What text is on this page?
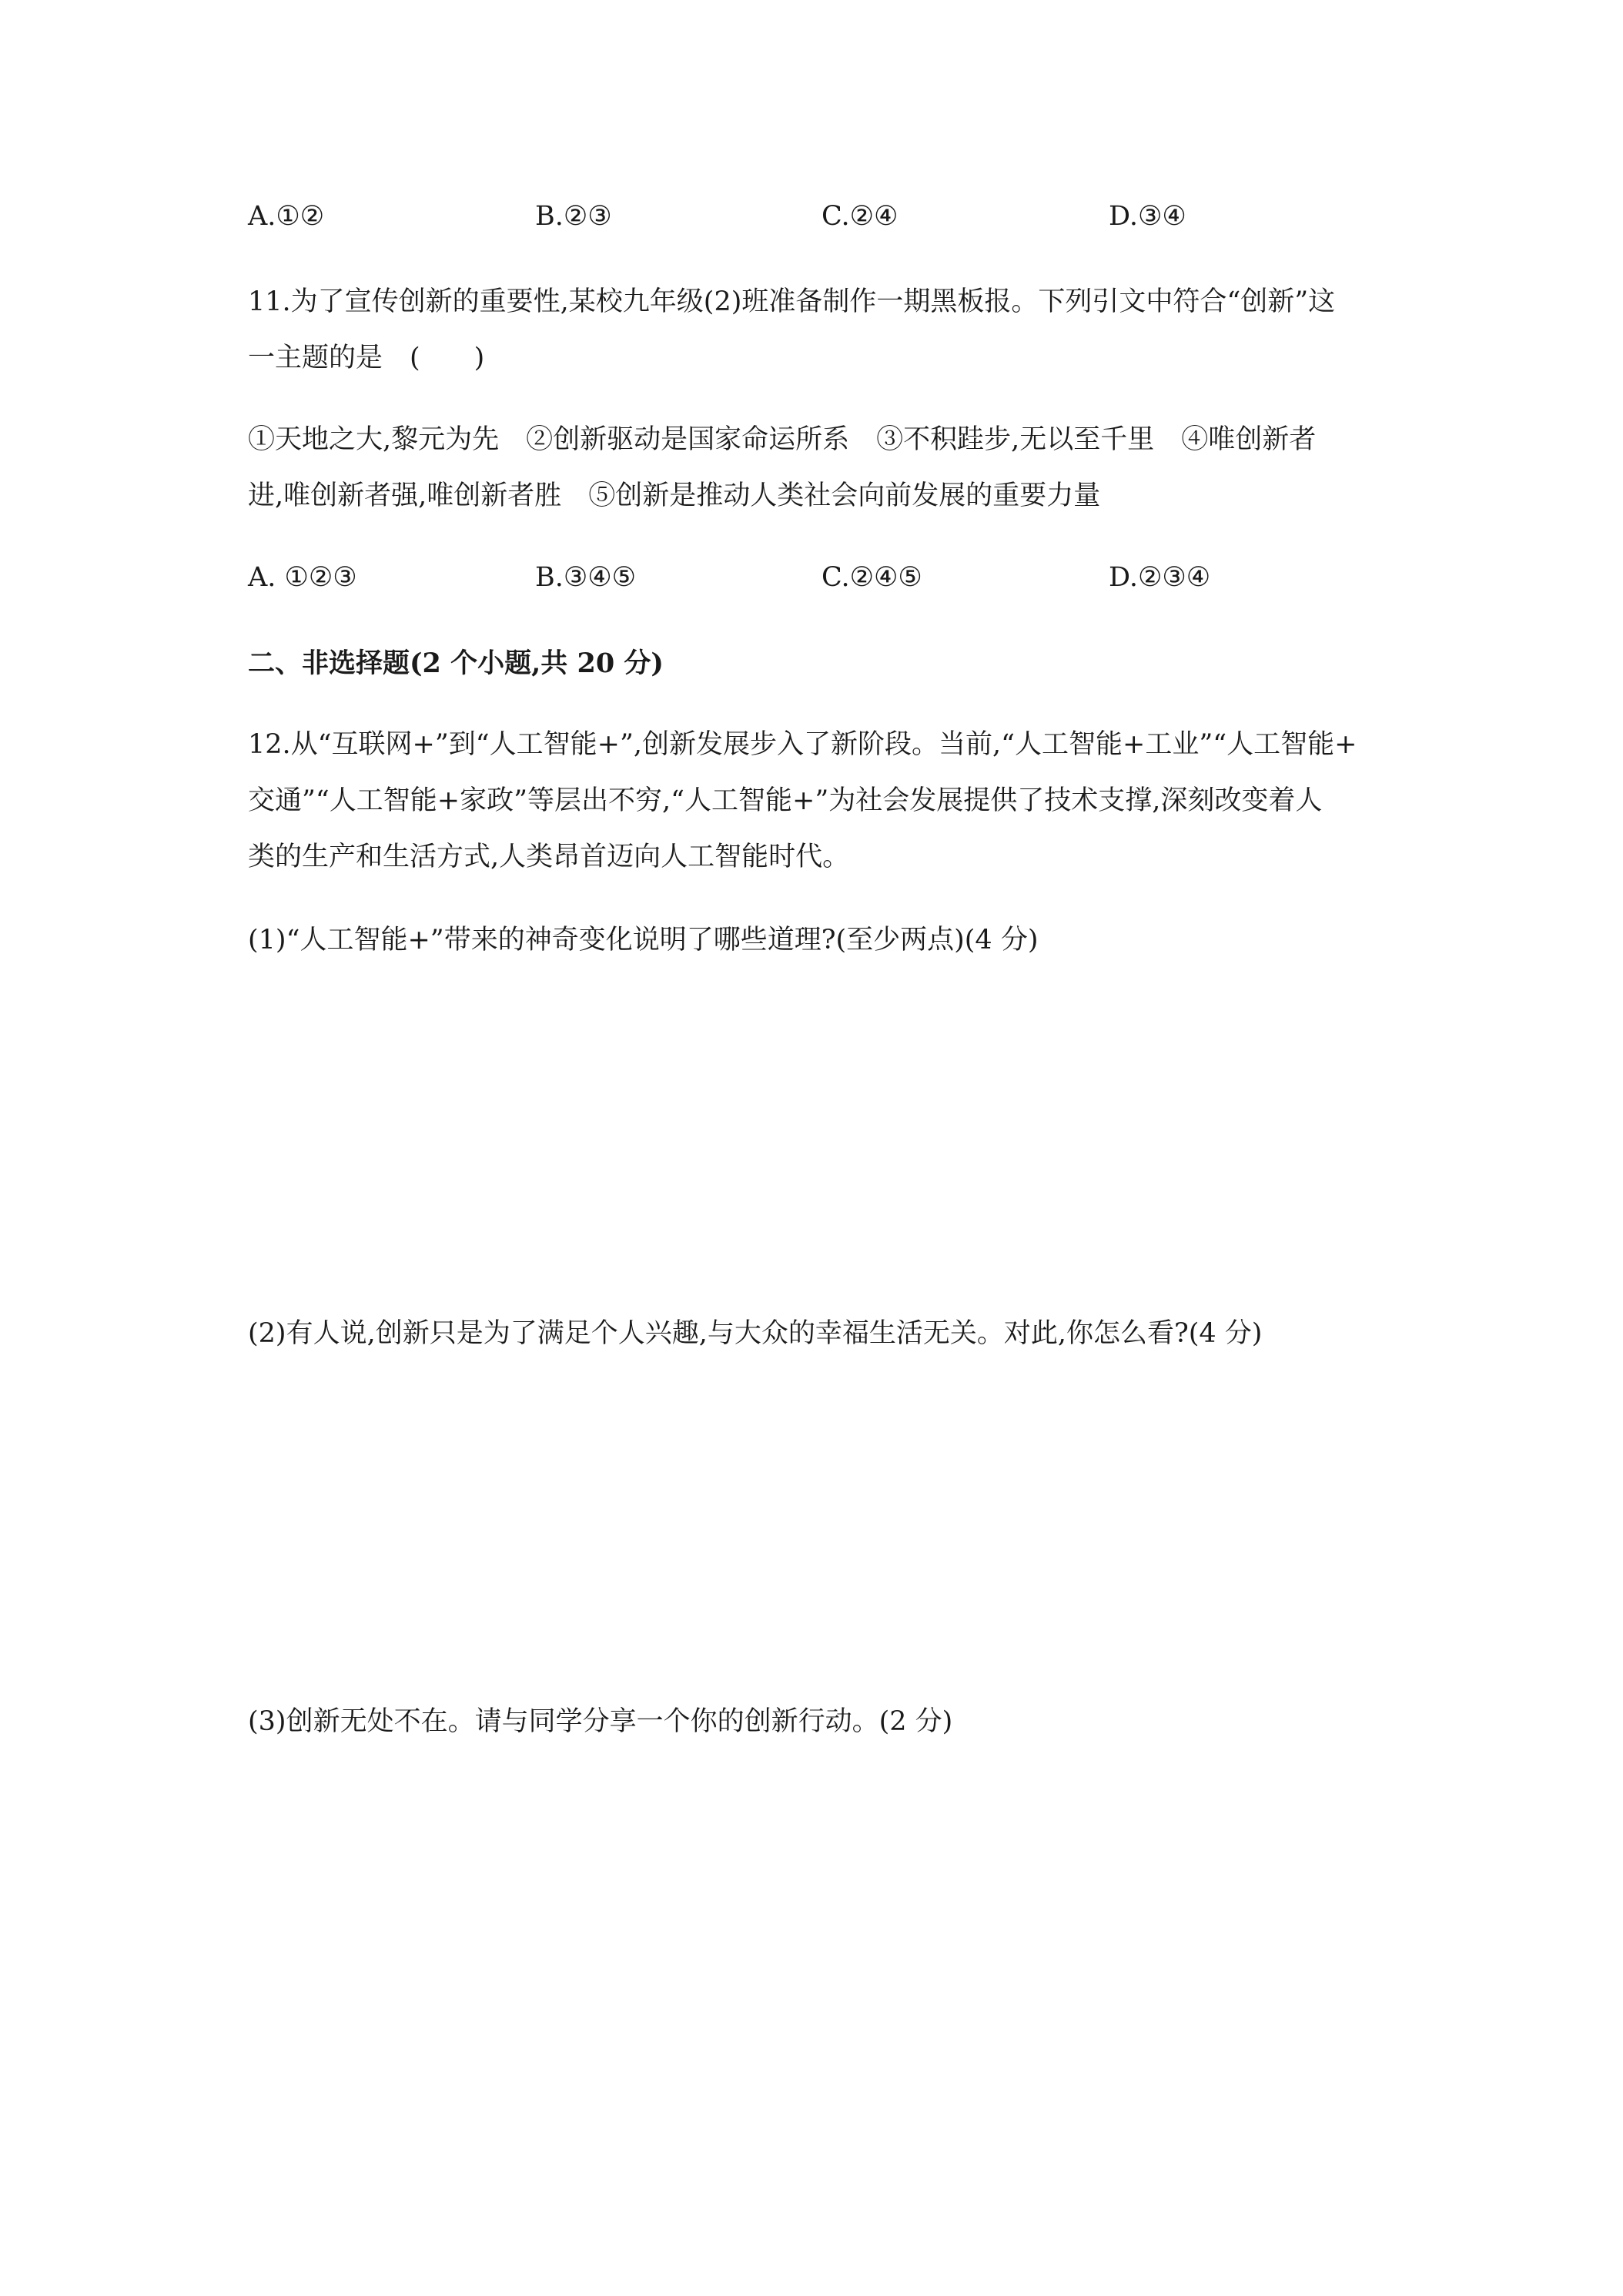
A.①②	B.②③	C.②④	D.③④
11.为了宣传创新的重要性,某校九年级(2)班准备制作一期黑板报。下列引文中符合“创新”这
一主题的是　(　　)
①天地之大,黎元为先　②创新驱动是国家命运所系　③不积跬步,无以至千里　④唯创新者
进,唯创新者强,唯创新者胜　⑤创新是推动人类社会向前发展的重要力量
A. ①②③	B.③④⑤	C.②④⑤	D.②③④
二、非选择题(2 个小题,共 20 分)
12.从“互联网+”到“人工智能+”,创新发展步入了新阶段。当前,“人工智能+工业”“人工智能+
交通”“人工智能+家政”等层出不穷,“人工智能+”为社会发展提供了技术支撑,深刻改变着人
类的生产和生活方式,人类昂首迈向人工智能时代。
(1)“人工智能+”带来的神奇变化说明了哪些道理?(至少两点)(4 分)
(2)有人说,创新只是为了满足个人兴趣,与大众的幸福生活无关。对此,你怎么看?(4 分)
(3)创新无处不在。请与同学分享一个你的创新行动。(2 分)
